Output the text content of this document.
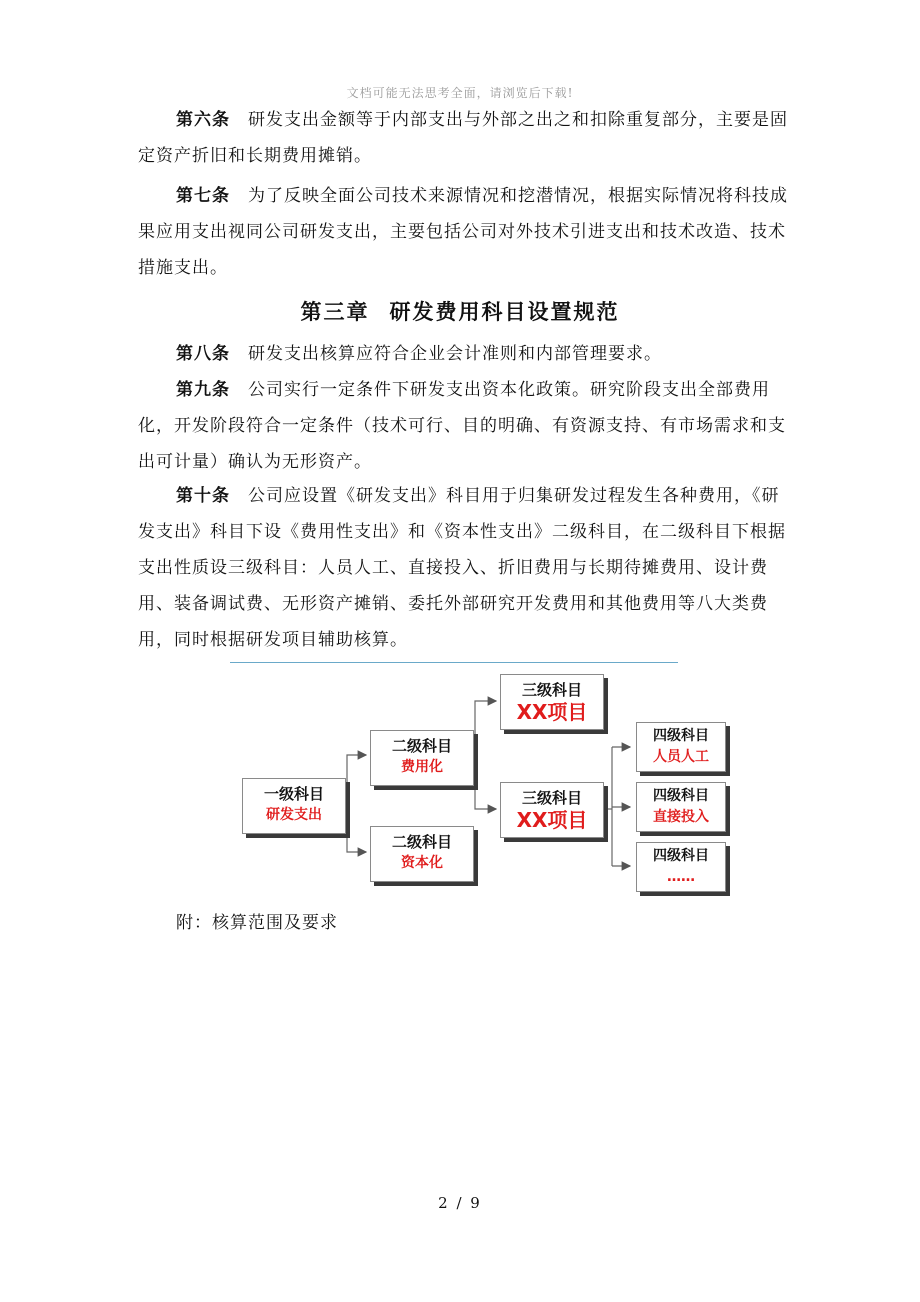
文档可能无法思考全面，请浏览后下载!

第六条 研发支出金额等于内部支出与外部之出之和扣除重复部分，主要是固定资产折旧和长期费用摊销。

第七条 为了反映全面公司技术来源情况和挖潜情况，根据实际情况将科技成果应用支出视同公司研发支出，主要包括公司对外技术引进支出和技术改造、技术措施支出。

第三章 研发费用科目设置规范

第八条 研发支出核算应符合企业会计准则和内部管理要求。

第九条 公司实行一定条件下研发支出资本化政策。研究阶段支出全部费用化，开发阶段符合一定条件（技术可行、目的明确、有资源支持、有市场需求和支出可计量）确认为无形资产。

第十条 公司应设置《研发支出》科目用于归集研发过程发生各种费用，《研发支出》科目下设《费用性支出》和《资本性支出》二级科目，在二级科目下根据支出性质设三级科目：人员人工、直接投入、折旧费用与长期待摊费用、设计费用、装备调试费、无形资产摊销、委托外部研究开发费用和其他费用等八大类费用，同时根据研发项目辅助核算。

一级科目
研发支出
二级科目
费用化
二级科目
资本化
三级科目
XX项目
三级科目
XX项目
四级科目
人员人工
四级科目
直接投入
四级科目
……
附：核算范围及要求
2 / 9
